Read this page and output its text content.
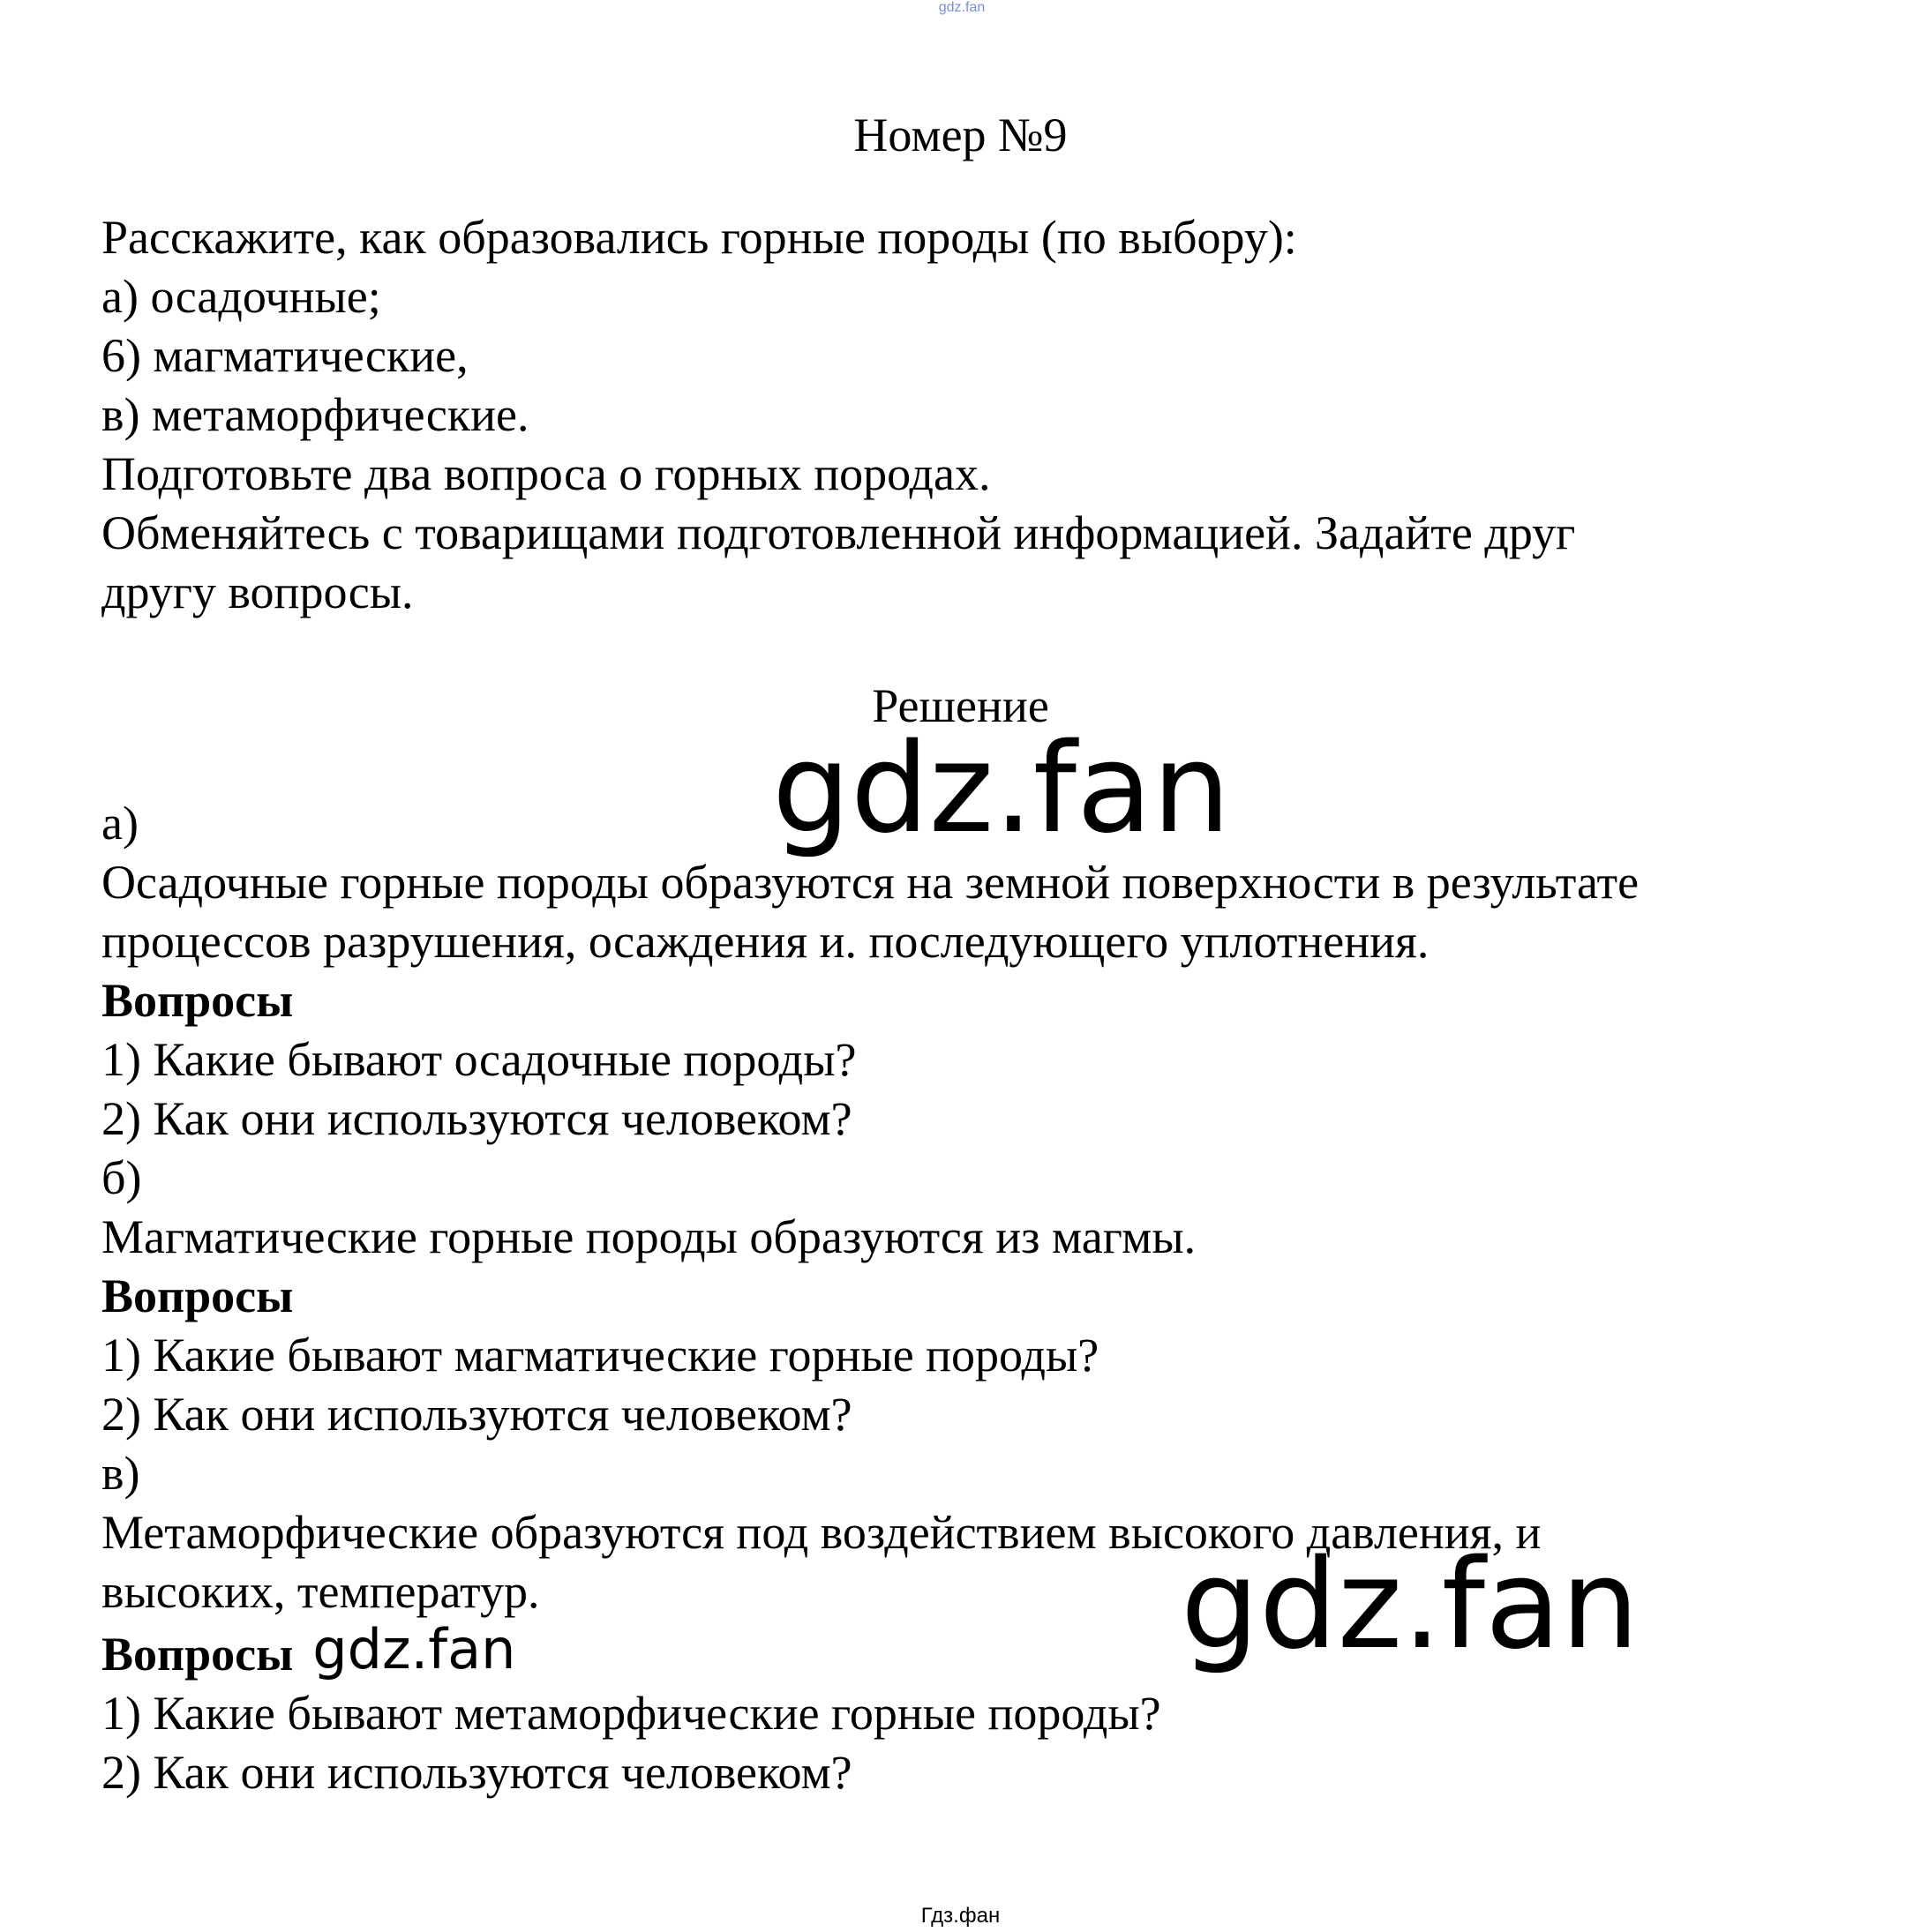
gdz.fan
Номер №9
Расскажите, как образовались горные породы (по выбору):
а) осадочные;
6) магматические,
в) метаморфические.
Подготовьте два вопроса о горных породах.
Обменяйтесь с товарищами подготовленной информацией. Задайте друг
другу вопросы.
Решение
gdz.fan
а)
Осадочные горные породы образуются на земной поверхности в результате
процессов разрушения, осаждения и. последующего уплотнения.
Вопросы
1) Какие бывают осадочные породы?
2) Как они используются человеком?
б)
Магматические горные породы образуются из магмы.
Вопросы
1) Какие бывают магматические горные породы?
2) Как они используются человеком?
в)
Метаморфические образуются под воздействием высокого давления, и
высоких, температур.
Вопросы gdz.fan
1) Какие бывают метаморфические горные породы?
2) Как они используются человеком?
gdz.fan
Гдз.фан
